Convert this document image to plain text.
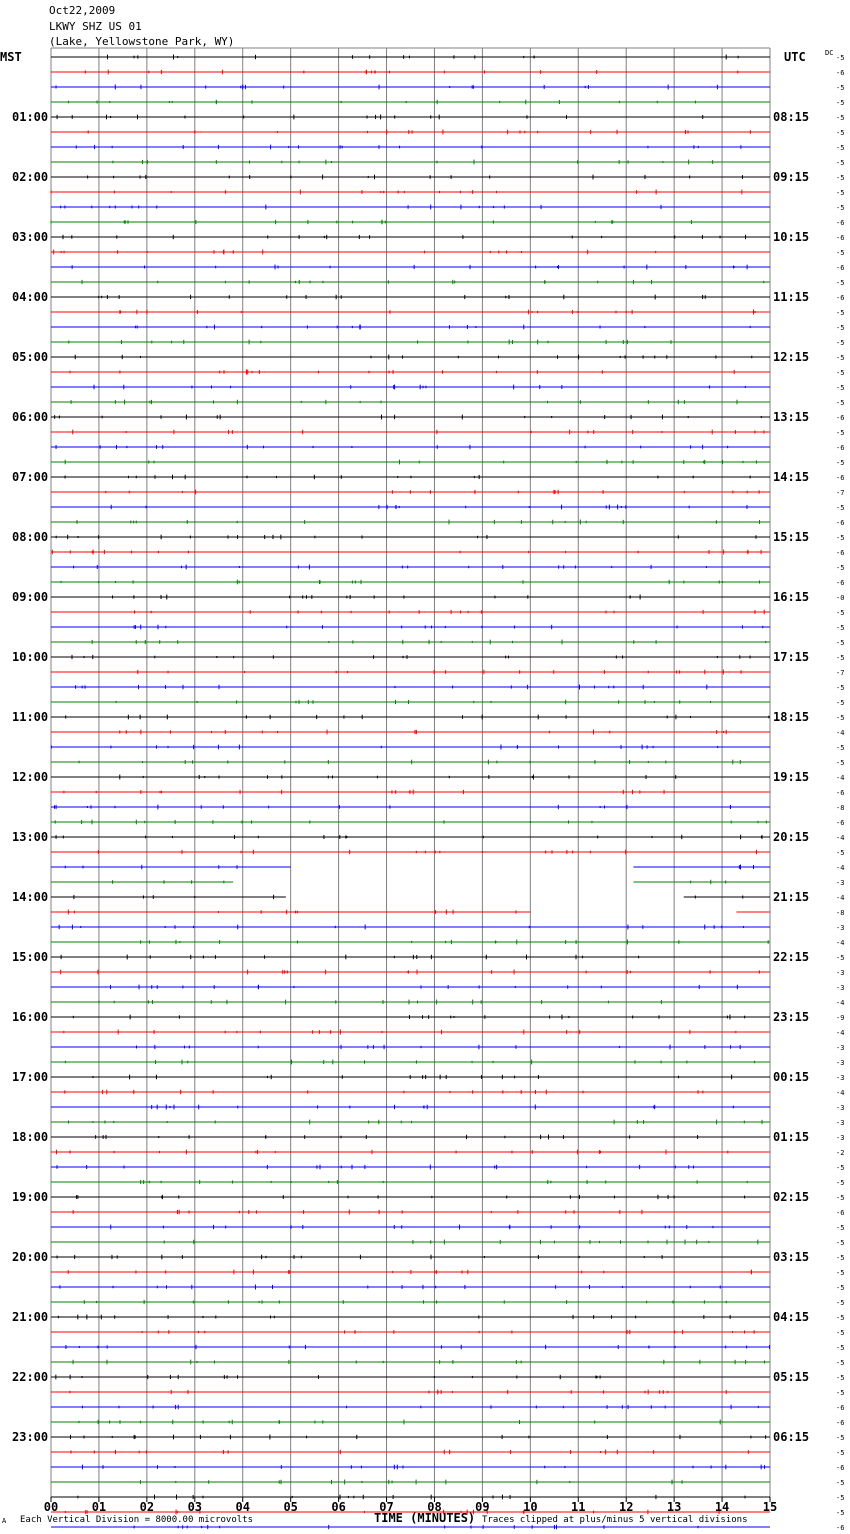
Oct22,2009
LKWY SHZ US 01
(Lake, Yellowstone Park, WY)
-5
-6
-5
-5
-5
-5
-5
-5
-5
-5
-5
-6
-6
-5
-6
-5
-6
-5
-5
-5
-5
-5
-5
-5
-6
-5
-6
-5
-6
-7
-5
-6
-5
-6
-5
-6
-0
-5
-5
-5
-5
-7
-5
-5
-5
-4
-5
-5
-4
-6
-8
-6
-4
-5
-4
-3
-4
-8
-3
-4
-5
-3
-3
-4
-9
-4
-3
-3
-3
-4
-3
-3
-3
-2
-5
-5
-5
-6
-5
-5
-5
-5
-5
-5
-5
-5
-5
-5
-5
-5
-6
-6
-5
-5
-6
-5
-5
-5
-6
01:00	08:15
02:00	09:15
03:00	10:15
04:00	11:15
05:00	12:15
06:00	13:15
07:00	14:15
08:00	15:15
09:00	16:15
10:00	17:15
11:00	18:15
12:00	19:15
13:00	20:15
14:00	21:15
15:00	22:15
16:00	23:15
17:00	00:15
18:00	01:15
19:00	02:15
20:00	03:15
21:00	04:15
22:00	05:15
23:00	06:15
MST	UTC	DC
00	01	02	03	04	05	06	07	08	09	10	11	12	13	14	15
A Each Vertical Division = 8000.00 microvolts	TIME (MINUTES) Traces clipped at plus/minus 5 vertical divisions
